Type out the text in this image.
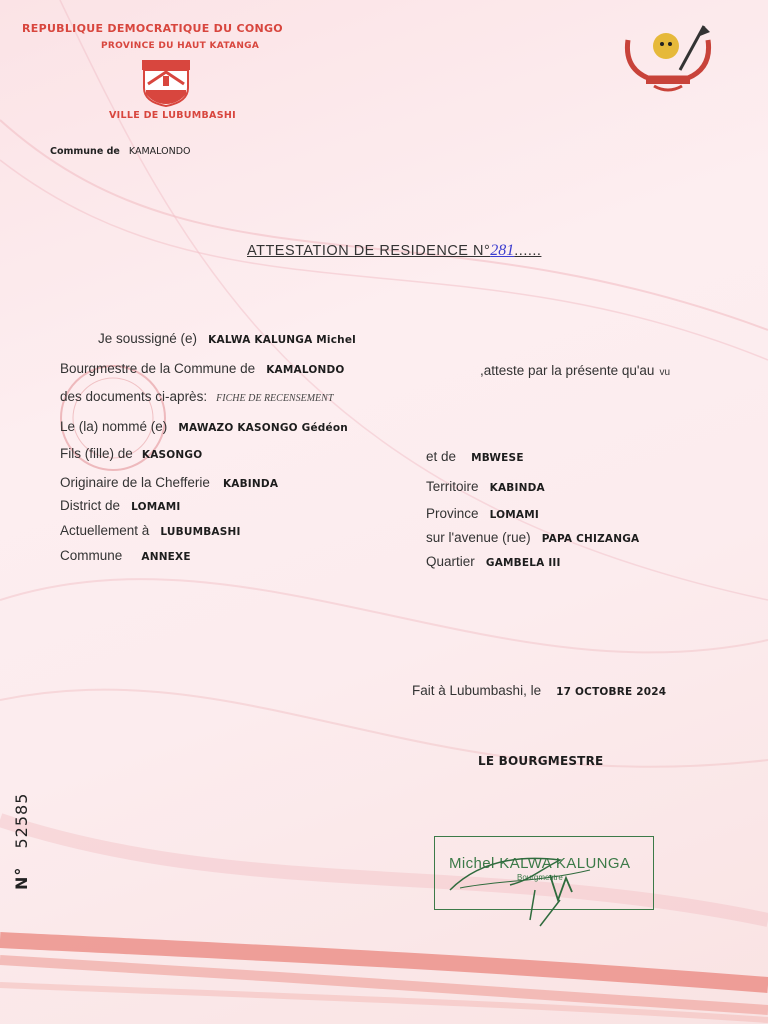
REPUBLIQUE DEMOCRATIQUE DU CONGO
PROVINCE DU HAUT KATANGA
VILLE DE LUBUMBASHI
Commune de KAMALONDO
ATTESTATION DE RESIDENCE N°281......
Je soussigné (e) KALWA KALUNGA Michel
Bourgmestre de la Commune de KAMALONDO	,atteste par la présente qu'au vu
des documents ci-après: FICHE DE RECENSEMENT
Le (la) nommé (e) MAWAZO KASONGO Gédéon
Fils (fille) de KASONGO	et de MBWESE
Originaire de la Chefferie KABINDA	Territoire KABINDA
District de LOMAMI	Province LOMAMI
Actuellement à LUBUMBASHI	sur l'avenue (rue) PAPA CHIZANGA
Commune ANNEXE	Quartier GAMBELA III
Fait à Lubumbashi, le 17 OCTOBRE 2024
LE BOURGMESTRE
Michel KALWA KALUNGA
Bourgmestre
N° 52585
